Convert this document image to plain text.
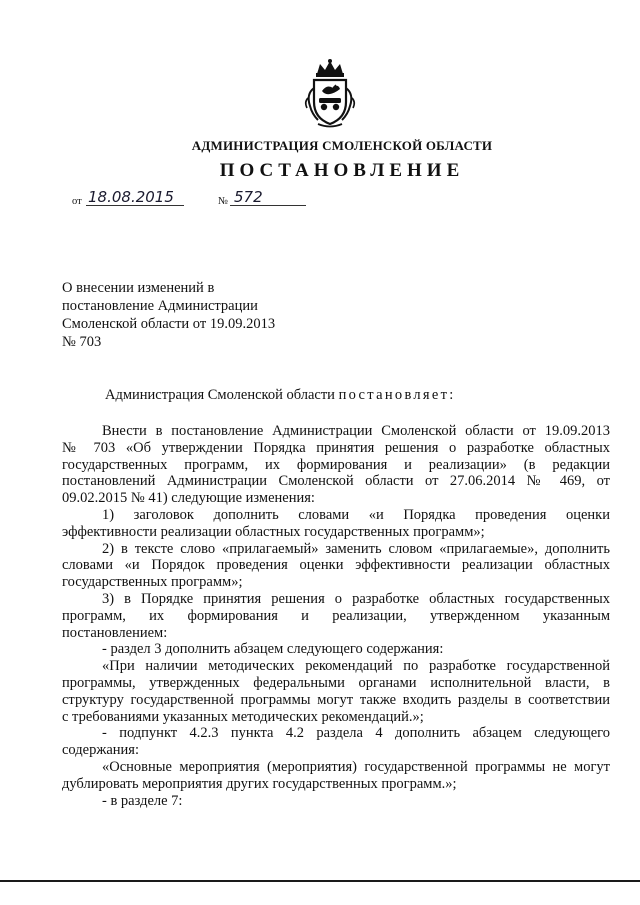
АДМИНИСТРАЦИЯ СМОЛЕНСКОЙ ОБЛАСТИ
ПОСТАНОВЛЕНИЕ
от 18.08.2015	№ 572
О внесении изменений в
постановление Администрации
Смоленской области от 19.09.2013
№ 703
Администрация Смоленской области постановляет:
Внести в постановление Администрации Смоленской области от 19.09.2013
№ 703 «Об утверждении Порядка принятия решения о разработке областных
государственных программ, их формирования и реализации» (в редакции
постановлений Администрации Смоленской области от 27.06.2014 № 469, от
09.02.2015 № 41) следующие изменения:
1) заголовок дополнить словами «и Порядка проведения оценки
эффективности реализации областных государственных программ»;
2) в тексте слово «прилагаемый» заменить словом «прилагаемые», дополнить
словами «и Порядок проведения оценки эффективности реализации областных
государственных программ»;
3) в Порядке принятия решения о разработке областных государственных
программ, их формирования и реализации, утвержденном указанным
постановлением:
- раздел 3 дополнить абзацем следующего содержания:
«При наличии методических рекомендаций по разработке государственной
программы, утвержденных федеральными органами исполнительной власти, в
структуру государственной программы могут также входить разделы в соответствии
с требованиями указанных методических рекомендаций.»;
- подпункт 4.2.3 пункта 4.2 раздела 4 дополнить абзацем следующего
содержания:
«Основные мероприятия (мероприятия) государственной программы не могут
дублировать мероприятия других государственных программ.»;
- в разделе 7:
